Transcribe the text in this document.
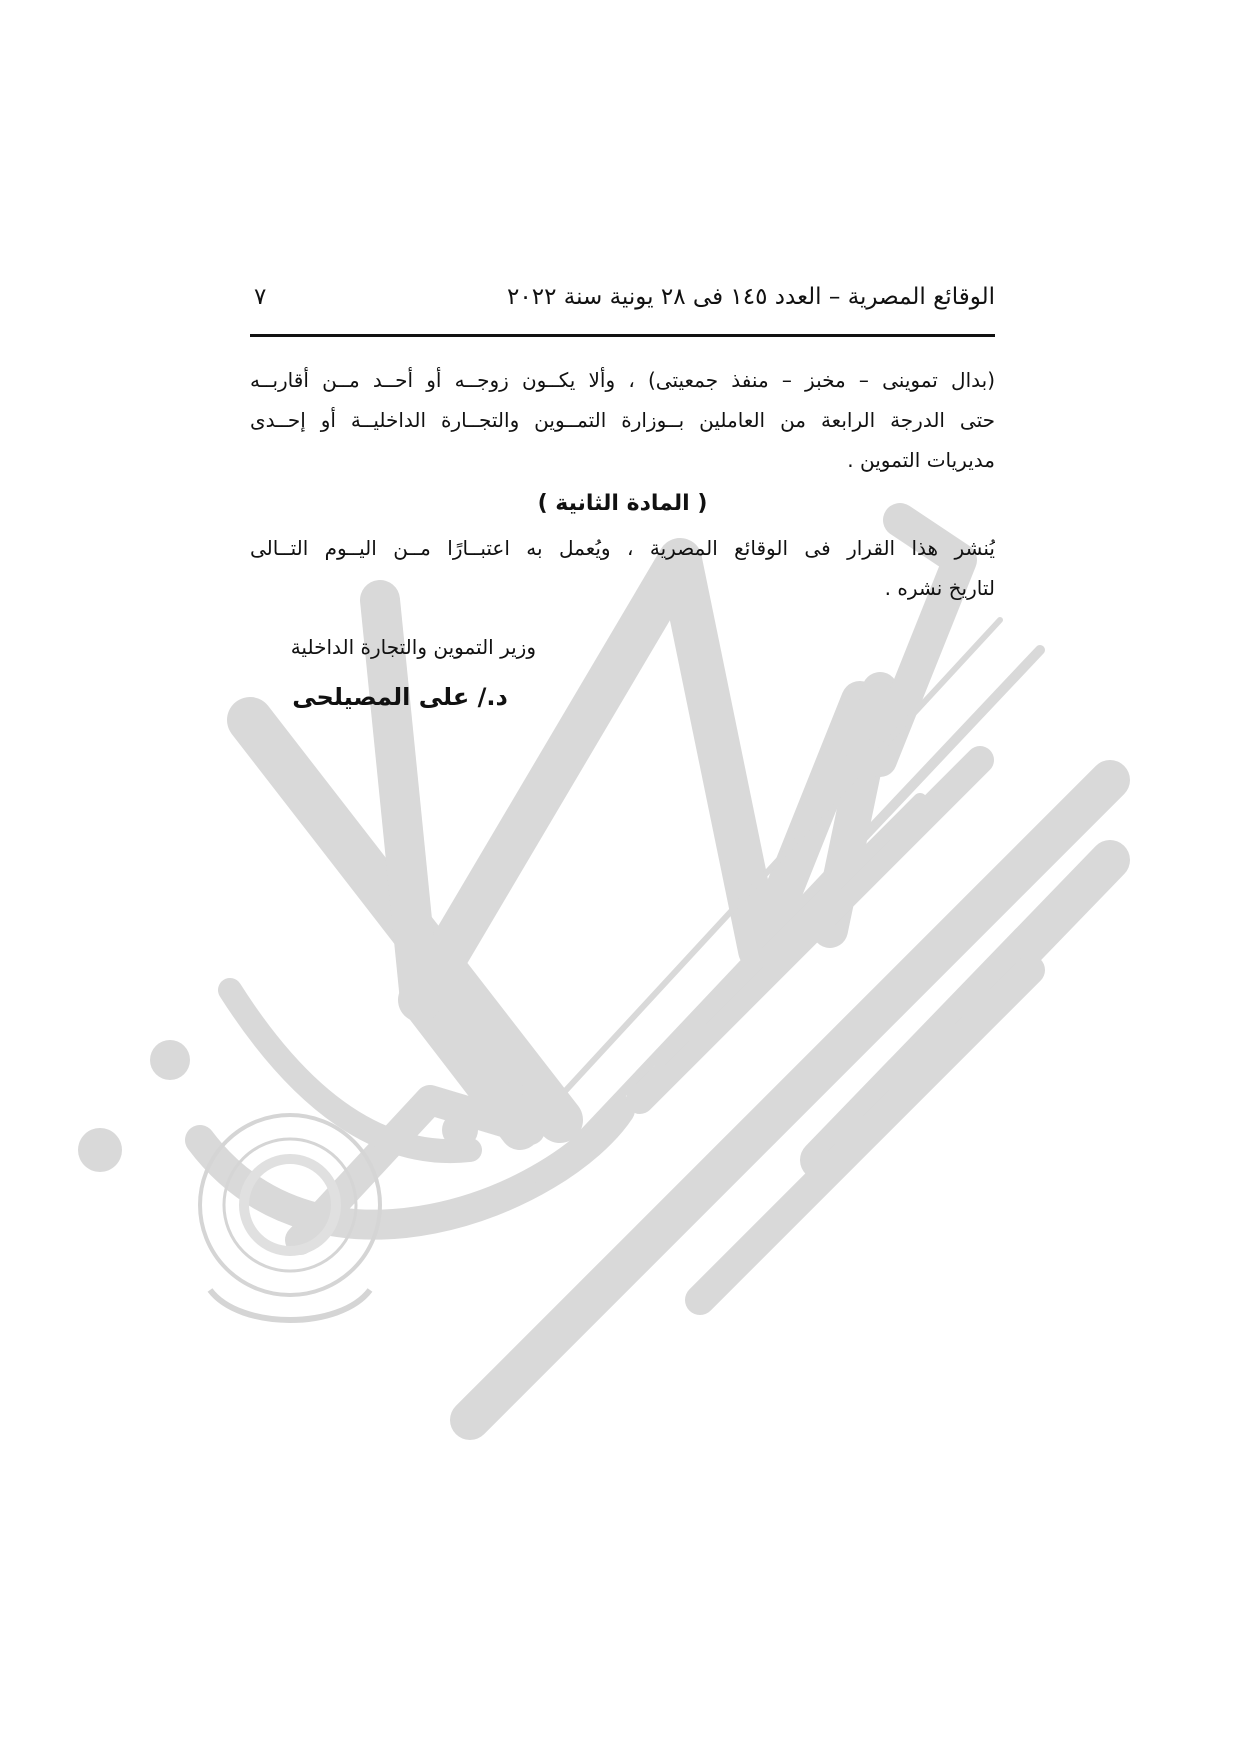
الوقائع المصرية – العدد ١٤٥ فى ٢٨ يونية سنة ٢٠٢٢
٧
(بدال تموينى – مخبز – منفذ جمعيتى) ، وألا يكــون زوجــه أو أحــد مــن أقاربــه
حتى الدرجة الرابعة من العاملين بــوزارة التمــوين والتجــارة الداخليــة أو إحــدى
مديريات التموين .
( المادة الثانية )
يُنشر هذا القرار فى الوقائع المصرية ، ويُعمل به اعتبــارًا مــن اليــوم التــالى
لتاريخ نشره .
وزير التموين والتجارة الداخلية
د./ على المصيلحى
